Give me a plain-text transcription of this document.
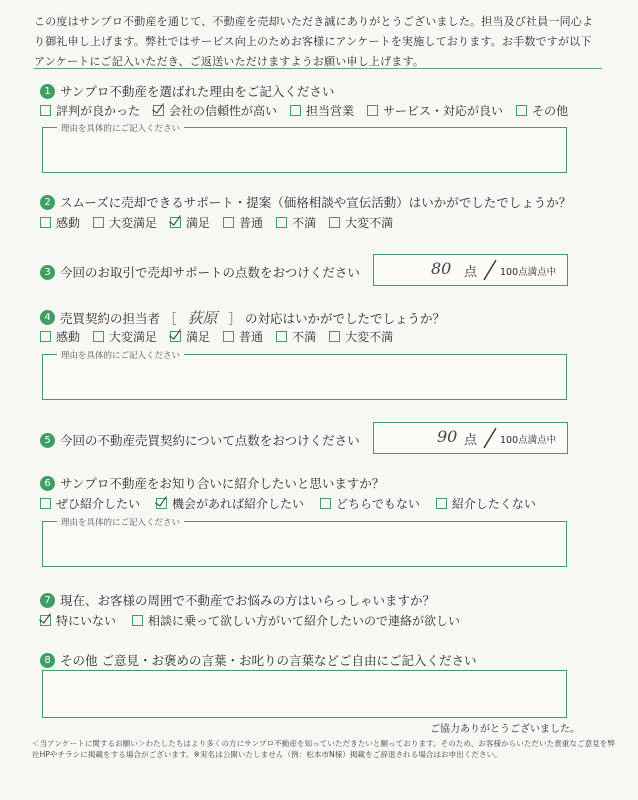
この度はサンプロ不動産を通じて、不動産を売却いただき誠にありがとうございました。担当及び社員一同心より御礼申し上げます。弊社ではサービス向上のためお客様にアンケートを実施しております。お手数ですが以下アンケートにご記入いただき、ご返送いただけますようお願い申し上げます。
1 サンプロ不動産を選ばれた理由をご記入ください
評判が良かった 会社の信頼性が高い 担当営業 サービス・対応が良い その他
理由を具体的にご記入ください
2 スムーズに売却できるサポート・提案（価格相談や宣伝活動）はいかがでしたでしょうか？
感動 大変満足 満足 普通 不満 大変不満
3 今回のお取引で売却サポートの点数をおつけください	80 点 100点満点中
4 売買契約の担当者 ［ 荻原 ］ の対応はいかがでしたでしょうか？
感動 大変満足 満足 普通 不満 大変不満
理由を具体的にご記入ください
5 今回の不動産売買契約について点数をおつけください	90 点 100点満点中
6 サンプロ不動産をお知り合いに紹介したいと思いますか？
ぜひ紹介したい	機会があれば紹介したい	どちらでもない	紹介したくない
理由を具体的にご記入ください
7 現在、お客様の周囲で不動産でお悩みの方はいらっしゃいますか？
特にいない	相談に乗って欲しい方がいて紹介したいので連絡が欲しい
8 その他 ご意見・お褒めの言葉・お叱りの言葉などご自由にご記入ください
ご協力ありがとうございました。
＜当アンケートに関するお願い＞わたしたちはより多くの方にサンプロ不動産を知っていただきたいと願っております。そのため、お客様からいただいた貴重なご意見を弊社HPやチラシに掲載をする場合がございます。※実名は公開いたしません（例：松本市N様）掲載をご辞退される場合はお申出ください。
